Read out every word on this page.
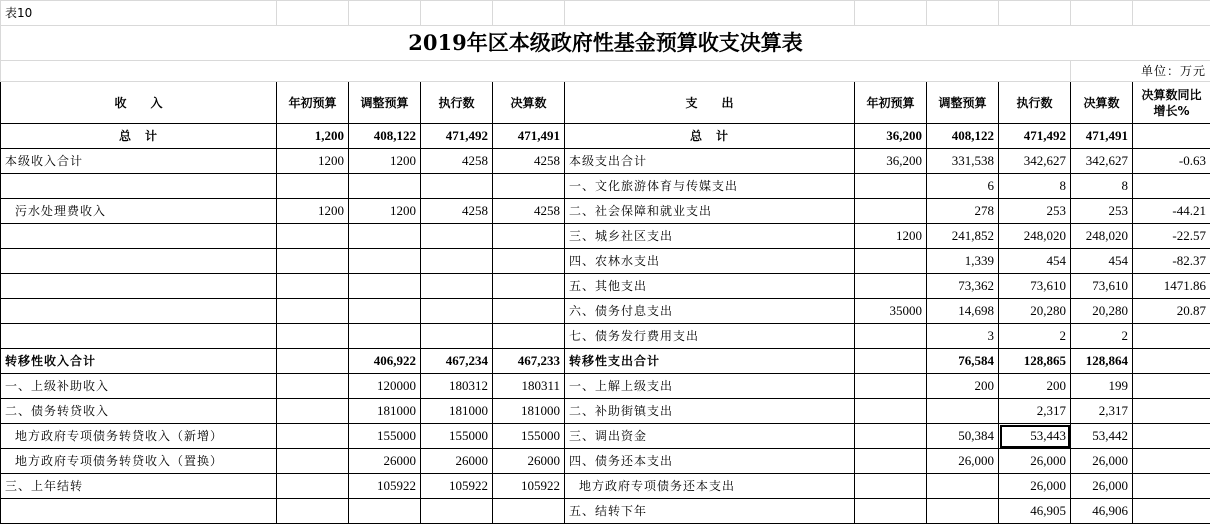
表10										
2019年区本级政府性基金预算收支决算表										
									单位：万元	
收　　入	年初预算	调整预算	执行数	决算数	支　　出	年初预算	调整预算	执行数	决算数	决算数同比增长%
总　计	1,200	408,122	471,492	471,491	总　计	36,200	408,122	471,492	471,491	
本级收入合计	1200	1200	4258	4258	本级支出合计	36,200	331,538	342,627	342,627	-0.63
					一、文化旅游体育与传媒支出		6	8	8	
污水处理费收入	1200	1200	4258	4258	二、社会保障和就业支出		278	253	253	-44.21
					三、城乡社区支出	1200	241,852	248,020	248,020	-22.57
					四、农林水支出		1,339	454	454	-82.37
					五、其他支出		73,362	73,610	73,610	1471.86
					六、债务付息支出	35000	14,698	20,280	20,280	20.87
					七、债务发行费用支出		3	2	2	
转移性收入合计		406,922	467,234	467,233	转移性支出合计		76,584	128,865	128,864	
一、上级补助收入		120000	180312	180311	一、上解上级支出		200	200	199	
二、债务转贷收入		181000	181000	181000	二、补助街镇支出			2,317	2,317	
地方政府专项债务转贷收入（新增）		155000	155000	155000	三、调出资金		50,384	53,443	53,442	
地方政府专项债务转贷收入（置换）		26000	26000	26000	四、债务还本支出		26,000	26,000	26,000	
三、上年结转		105922	105922	105922	地方政府专项债务还本支出			26,000	26,000	
					五、结转下年			46,905	46,906	
